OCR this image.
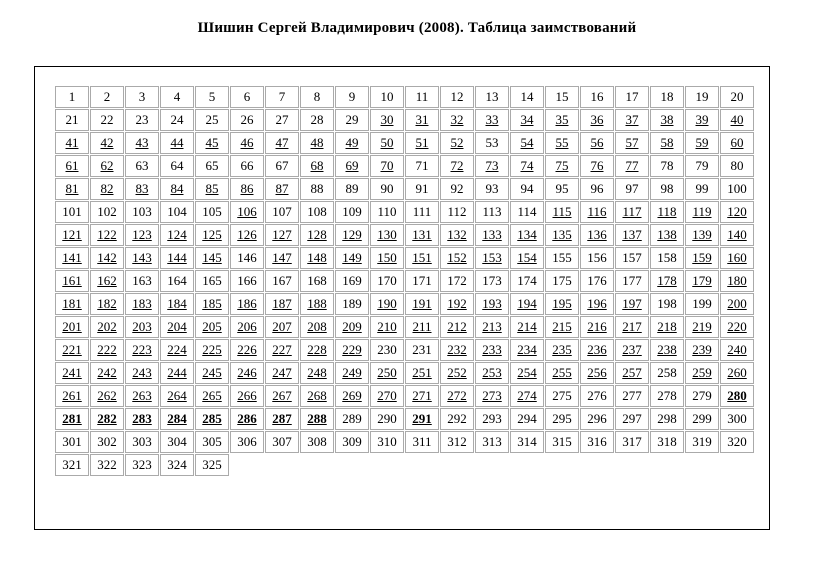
Шишин Сергей Владимирович (2008). Таблица заимствований
1	2	3	4	5	6	7	8	9	10	11	12	13	14	15	16	17	18	19	20
21	22	23	24	25	26	27	28	29	30	31	32	33	34	35	36	37	38	39	40
41	42	43	44	45	46	47	48	49	50	51	52	53	54	55	56	57	58	59	60
61	62	63	64	65	66	67	68	69	70	71	72	73	74	75	76	77	78	79	80
81	82	83	84	85	86	87	88	89	90	91	92	93	94	95	96	97	98	99	100
101	102	103	104	105	106	107	108	109	110	111	112	113	114	115	116	117	118	119	120
121	122	123	124	125	126	127	128	129	130	131	132	133	134	135	136	137	138	139	140
141	142	143	144	145	146	147	148	149	150	151	152	153	154	155	156	157	158	159	160
161	162	163	164	165	166	167	168	169	170	171	172	173	174	175	176	177	178	179	180
181	182	183	184	185	186	187	188	189	190	191	192	193	194	195	196	197	198	199	200
201	202	203	204	205	206	207	208	209	210	211	212	213	214	215	216	217	218	219	220
221	222	223	224	225	226	227	228	229	230	231	232	233	234	235	236	237	238	239	240
241	242	243	244	245	246	247	248	249	250	251	252	253	254	255	256	257	258	259	260
261	262	263	264	265	266	267	268	269	270	271	272	273	274	275	276	277	278	279	280
281	282	283	284	285	286	287	288	289	290	291	292	293	294	295	296	297	298	299	300
301	302	303	304	305	306	307	308	309	310	311	312	313	314	315	316	317	318	319	320
321	322	323	324	325															
